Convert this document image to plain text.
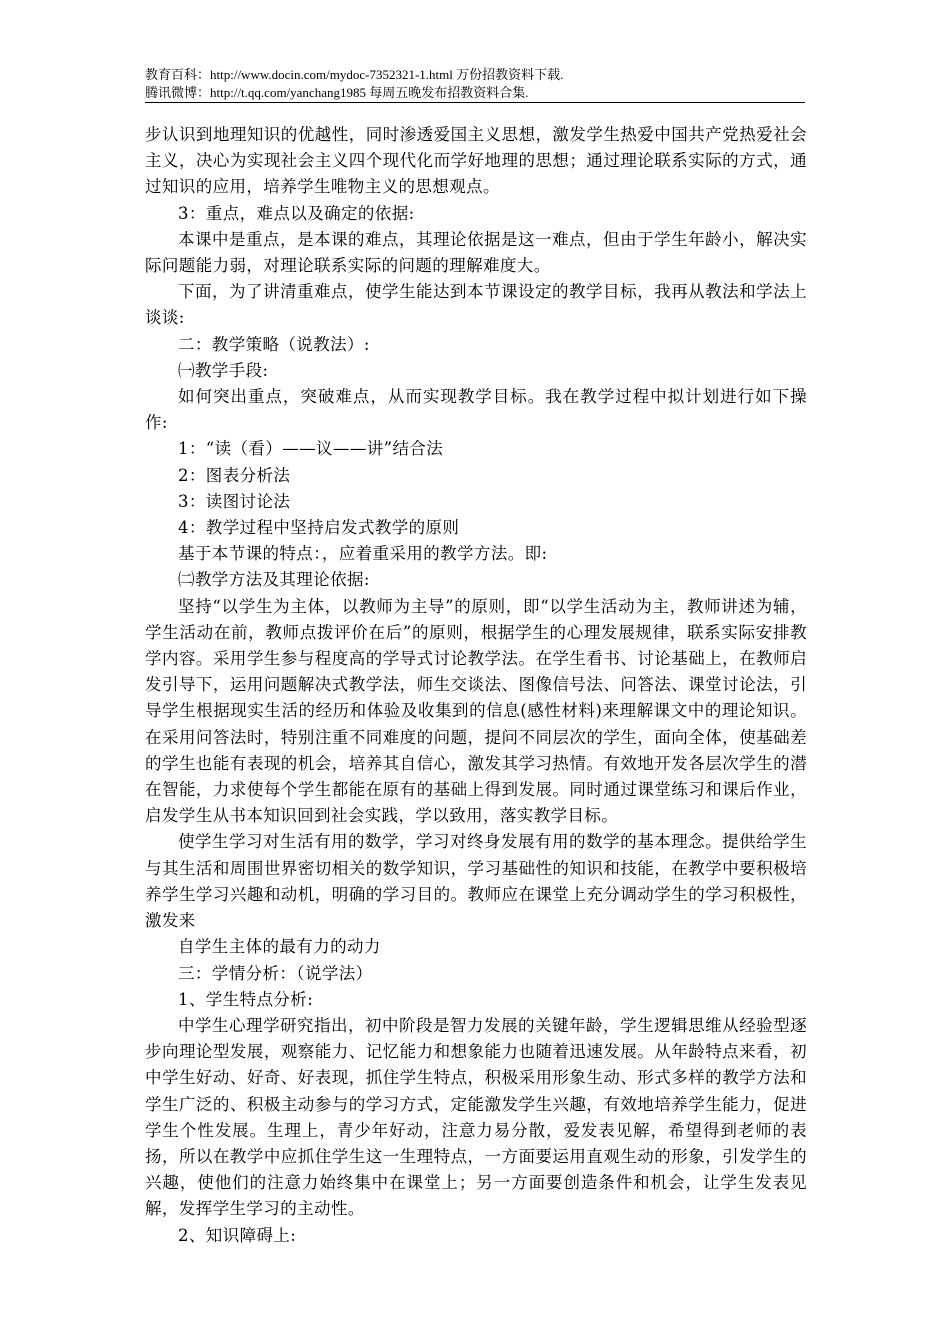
教育百科：http://www.docin.com/mydoc-7352321-1.html 万份招教资料下载.
腾讯微博：http://t.qq.com/yanchang1985 每周五晚发布招教资料合集.

步认识到地理知识的优越性，同时渗透爱国主义思想，激发学生热爱中国共产党热爱社会主义，决心为实现社会主义四个现代化而学好地理的思想；通过理论联系实际的方式，通过知识的应用，培养学生唯物主义的思想观点。

3：重点，难点以及确定的依据:

本课中是重点，是本课的难点，其理论依据是这一难点，但由于学生年龄小，解决实际问题能力弱，对理论联系实际的问题的理解难度大。

下面，为了讲清重难点，使学生能达到本节课设定的教学目标，我再从教法和学法上谈谈:

二：教学策略（说教法）:

㈠教学手段:

如何突出重点，突破难点，从而实现教学目标。我在教学过程中拟计划进行如下操作:

1：“读（看）——议——讲”结合法

2：图表分析法

3：读图讨论法

4：教学过程中坚持启发式教学的原则

基于本节课的特点：，应着重采用的教学方法。即:

㈡教学方法及其理论依据:

坚持“以学生为主体，以教师为主导”的原则，即“以学生活动为主，教师讲述为辅，学生活动在前，教师点拨评价在后”的原则，根据学生的心理发展规律，联系实际安排教学内容。采用学生参与程度高的学导式讨论教学法。在学生看书、讨论基础上，在教师启发引导下，运用问题解决式教学法，师生交谈法、图像信号法、问答法、课堂讨论法，引导学生根据现实生活的经历和体验及收集到的信息(感性材料)来理解课文中的理论知识。在采用问答法时，特别注重不同难度的问题，提问不同层次的学生，面向全体，使基础差的学生也能有表现的机会，培养其自信心，激发其学习热情。有效地开发各层次学生的潜在智能，力求使每个学生都能在原有的基础上得到发展。同时通过课堂练习和课后作业，启发学生从书本知识回到社会实践，学以致用，落实教学目标。

使学生学习对生活有用的数学，学习对终身发展有用的数学的基本理念。提供给学生与其生活和周围世界密切相关的数学知识，学习基础性的知识和技能，在教学中要积极培养学生学习兴趣和动机，明确的学习目的。教师应在课堂上充分调动学生的学习积极性，激发来

自学生主体的最有力的动力

三：学情分析：（说学法）

1、学生特点分析:

中学生心理学研究指出，初中阶段是智力发展的关键年龄，学生逻辑思维从经验型逐步向理论型发展，观察能力、记忆能力和想象能力也随着迅速发展。从年龄特点来看，初中学生好动、好奇、好表现，抓住学生特点，积极采用形象生动、形式多样的教学方法和学生广泛的、积极主动参与的学习方式，定能激发学生兴趣，有效地培养学生能力，促进学生个性发展。生理上，青少年好动，注意力易分散，爱发表见解，希望得到老师的表扬，所以在教学中应抓住学生这一生理特点，一方面要运用直观生动的形象，引发学生的兴趣，使他们的注意力始终集中在课堂上；另一方面要创造条件和机会，让学生发表见解，发挥学生学习的主动性。

2、知识障碍上:
